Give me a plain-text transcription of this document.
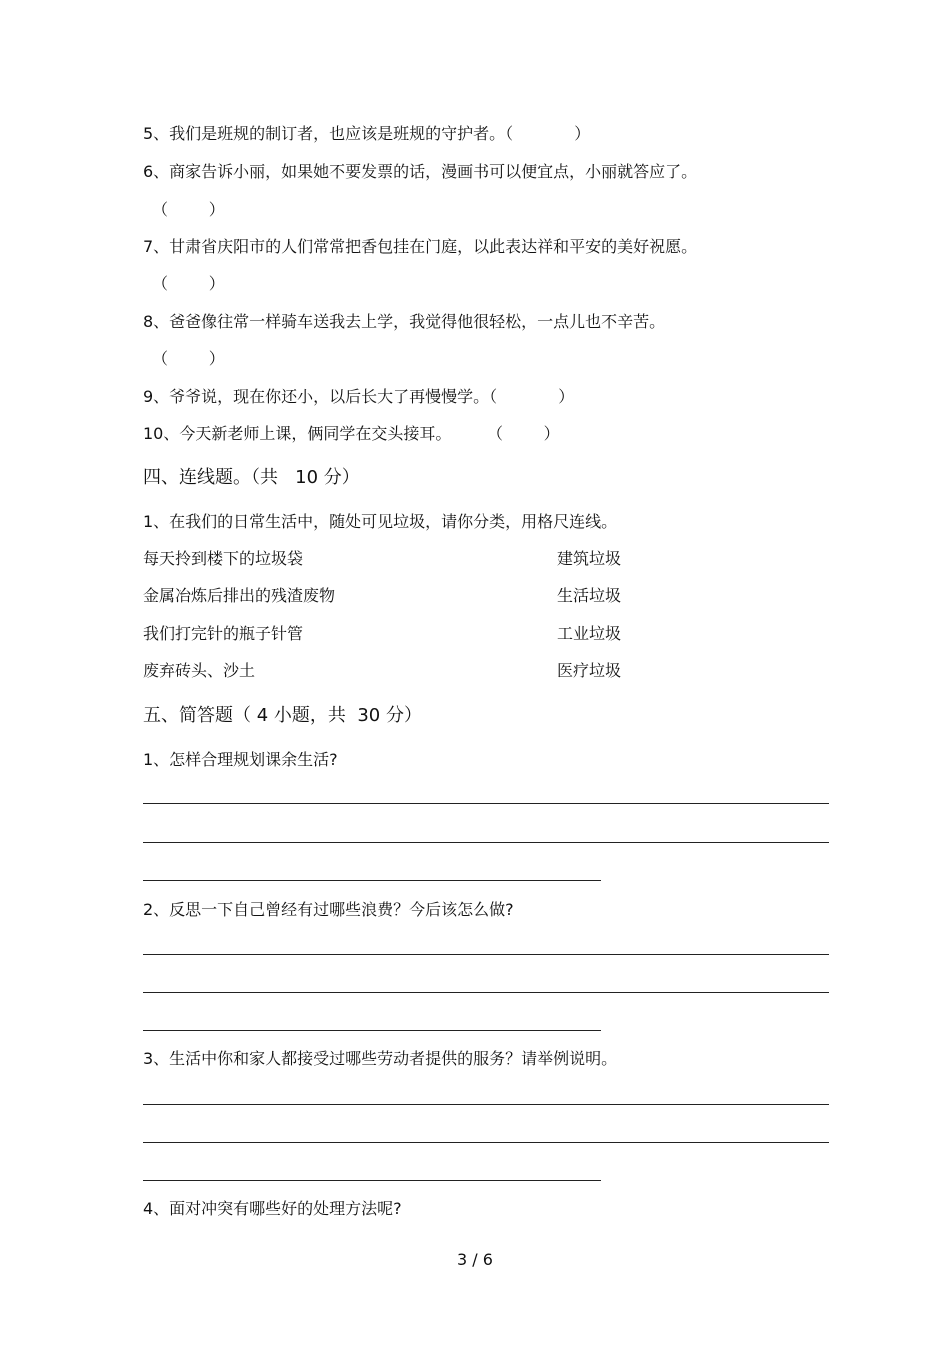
5、我们是班规的制订者，也应该是班规的守护者。（            ）
6、商家告诉小丽，如果她不要发票的话，漫画书可以便宜点，小丽就答应了。
（        ）
7、甘肃省庆阳市的人们常常把香包挂在门庭，以此表达祥和平安的美好祝愿。
（        ）
8、爸爸像往常一样骑车送我去上学，我觉得他很轻松，一点儿也不辛苦。
（        ）
9、爷爷说，现在你还小，以后长大了再慢慢学。（            ）
10、今天新老师上课，俩同学在交头接耳。       （        ）
四、连线题。（共   10 分）
1、在我们的日常生活中，随处可见垃圾，请你分类，用格尺连线。
每天拎到楼下的垃圾袋	建筑垃圾
金属冶炼后排出的残渣废物	生活垃圾
我们打完针的瓶子针管	工业垃圾
废弃砖头、沙土	医疗垃圾
五、简答题（ 4 小题，共  30 分）
1、怎样合理规划课余生活?
2、反思一下自己曾经有过哪些浪费？今后该怎么做?
3、生活中你和家人都接受过哪些劳动者提供的服务？请举例说明。
4、面对冲突有哪些好的处理方法呢?
3 / 6
